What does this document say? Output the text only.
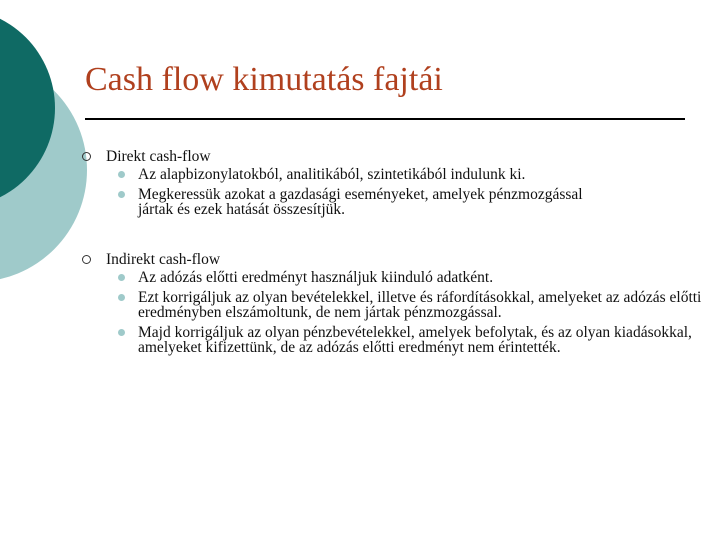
Cash flow kimutatás fajtái
Direkt cash-flow
Az alapbizonylatokból, analitikából, szintetikából indulunk ki.
Megkeressük azokat a gazdasági eseményeket, amelyek pénzmozgással jártak és ezek hatását összesítjük.
Indirekt cash-flow
Az adózás előtti eredményt használjuk kiinduló adatként.
Ezt korrigáljuk az olyan bevételekkel, illetve és ráfordításokkal, amelyeket az adózás előtti eredményben elszámoltunk, de nem jártak pénzmozgással.
Majd korrigáljuk az olyan pénzbevételekkel, amelyek befolytak, és az olyan kiadásokkal, amelyeket kifizettünk, de az adózás előtti eredményt nem érintették.
